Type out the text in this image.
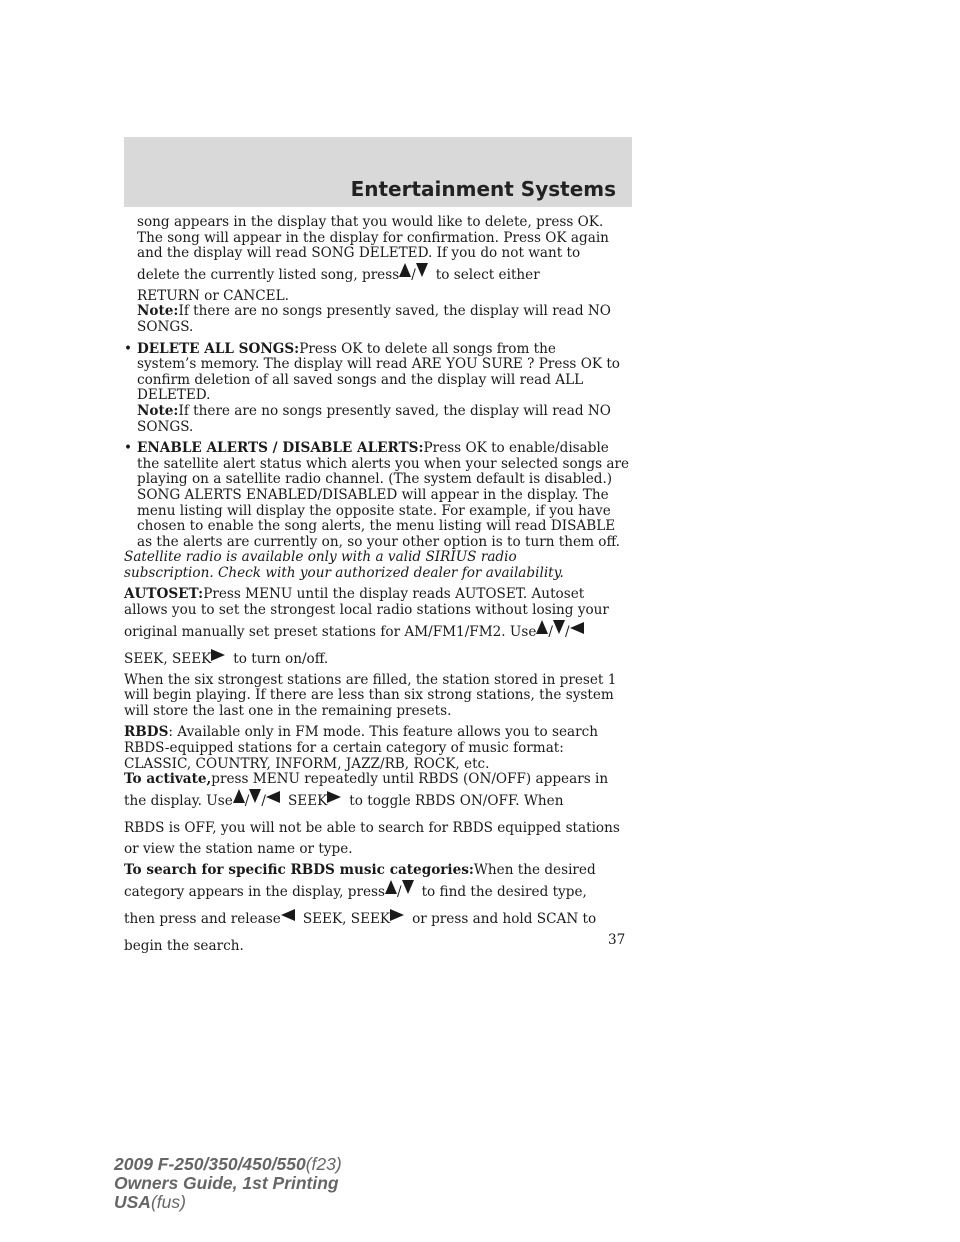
Entertainment Systems

song appears in the display that you would like to delete, press OK.

The song will appear in the display for confirmation. Press OK again

and the display will read SONG DELETED. If you do not want to

delete the currently listed song, press / to select either

RETURN or CANCEL.

Note:If there are no songs presently saved, the display will read NO

SONGS.

• DELETE ALL SONGS:Press OK to delete all songs from the

system’s memory. The display will read ARE YOU SURE ? Press OK to

confirm deletion of all saved songs and the display will read ALL

DELETED.

Note:If there are no songs presently saved, the display will read NO

SONGS.

• ENABLE ALERTS / DISABLE ALERTS:Press OK to enable/disable

the satellite alert status which alerts you when your selected songs are

playing on a satellite radio channel. (The system default is disabled.)

SONG ALERTS ENABLED/DISABLED will appear in the display. The

menu listing will display the opposite state. For example, if you have

chosen to enable the song alerts, the menu listing will read DISABLE

as the alerts are currently on, so your other option is to turn them off.

Satellite radio is available only with a valid SIRIUS radio

subscription. Check with your authorized dealer for availability.

AUTOSET:Press MENU until the display reads AUTOSET. Autoset

allows you to set the strongest local radio stations without losing your

original manually set preset stations for AM/FM1/FM2. Use / /

SEEK, SEEK to turn on/off.

When the six strongest stations are filled, the station stored in preset 1

will begin playing. If there are less than six strong stations, the system

will store the last one in the remaining presets.

RBDS: Available only in FM mode. This feature allows you to search

RBDS-equipped stations for a certain category of music format:

CLASSIC, COUNTRY, INFORM, JAZZ/RB, ROCK, etc.

To activate,press MENU repeatedly until RBDS (ON/OFF) appears in

the display. Use / / SEEK to toggle RBDS ON/OFF. When

RBDS is OFF, you will not be able to search for RBDS equipped stations

or view the station name or type.

To search for specific RBDS music categories:When the desired

category appears in the display, press / to find the desired type,

then press and release SEEK, SEEK or press and hold SCAN to

begin the search.	37
2009 F-250/350/450/550(f23)
Owners Guide, 1st Printing
USA(fus)
